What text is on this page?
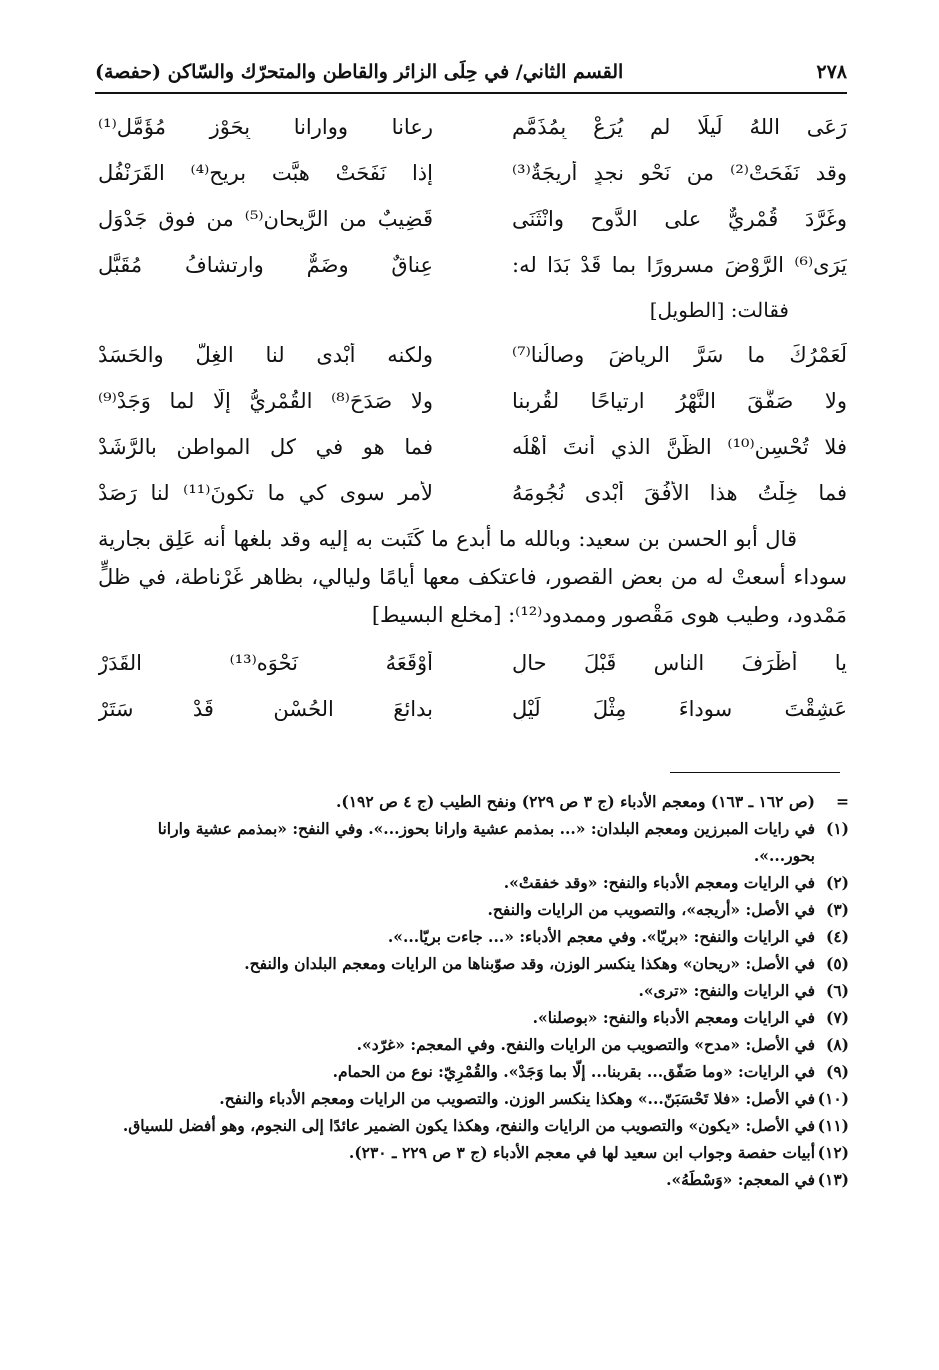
٢٧٨
القسم الثاني/ في حِلَى الزائر والقاطن والمتحرّك والسّاكن (حفصة)
رَعَى اللهُ لَيلًا لم يُرَعْ بِمُذَمَّمِ
رعانا ووارانا بِحَوْزِ مُؤَمَّلِ⁽¹⁾
وقد نَفَحَتْ⁽²⁾ من نَحْوِ نجدٍ أَرِيجَةٌ⁽³⁾
إذا نَفَحَتْ هبَّت بريحِ⁽⁴⁾ القَرَنْفُلِ
وغَرَّدَ قُمْرِيٌّ على الدَّوحِ وانْثَنَى
قَضِيبٌ من الرَّيحانِ⁽⁵⁾ من فوقِ جَدْوَلِ
يَرَى⁽⁶⁾ الرَّوْضَ مسرورًا بما قَدْ بَدَا له:
عِناقٌ وضَمٌّ وارتشافُ مُقَبَّلِ
فقالت: [الطويل]
لَعَمْرُكَ ما سَرَّ الرياضَ وِصالُنا⁽⁷⁾
ولكنه أَبْدى لنا الغِلَّ والحَسَدْ
ولا صَفَّقَ النَّهْرُ ارتياحًا لقُربنا
ولا صَدَحَ⁽⁸⁾ القُمْرِيُّ إلَّا لما وَجَدْ⁽⁹⁾
فلا تُحْسِنِ⁽¹⁰⁾ الظَّنَّ الذي أنتَ أَهْلُه
فما هو في كل المواطن بالرَّشَدْ
فما خِلْتُ هذا الأُفُقَ أَبْدى نُجُومَهُ
لأمرٍ سوى كي ما تكونَ⁽¹¹⁾ لنا رَصَدْ

قال أبو الحسن بن سعيد: وبالله ما أبدع ما كَتَبت به إليه وقد بلغها أنه عَلِق بجارية سوداء أسعتْ له من بعض القصور، فاعتكف معها أيامًا وليالي، بظاهر غَرْناطة، في ظلٍّ مَمْدود، وطيب هوى مَقْصور وممدود⁽¹²⁾: [مخلع البسيط]

يا أَظْرَفَ الناسِ قَبْلَ حالٍ
أَوْقَعَهُ نَحْوَه⁽¹³⁾ القَدَرْ
عَشِقْتَ سوداءَ مِثْلَ لَيْلٍ
بدائعَ الحُسْنِ قَدْ سَتَرْ
=
(ص ١٦٢ ـ ١٦٣) ومعجم الأدباء (ج ٣ ص ٢٢٩) ونفح الطيب (ج ٤ ص ١٩٢).
(١)
في رايات المبرزين ومعجم البلدان: «... بمذمم عشية وارانا بحوز...». وفي النفح: «بمذمم عشية وارانا بحور...».
(٢)
في الرايات ومعجم الأدباء والنفح: «وقد خفقتْ».
(٣)
في الأصل: «أريجه»، والتصويب من الرايات والنفح.
(٤)
في الرايات والنفح: «بريّا». وفي معجم الأدباء: «... جاءت بريّا...».
(٥)
في الأصل: «ريحان» وهكذا ينكسر الوزن، وقد صوّبناها من الرايات ومعجم البلدان والنفح.
(٦)
في الرايات والنفح: «ترى».
(٧)
في الرايات ومعجم الأدباء والنفح: «بوصلنا».
(٨)
في الأصل: «مدح» والتصويب من الرايات والنفح. وفي المعجم: «غرّد».
(٩)
في الرايات: «وما صَفّق... بقربنا... إلّا بما وَجَدْ». والقُمْرِيّ: نوع من الحمام.
(١٠)
في الأصل: «فلا تَحْسَبَنّ...» وهكذا ينكسر الوزن. والتصويب من الرايات ومعجم الأدباء والنفح.
(١١)
في الأصل: «يكون» والتصويب من الرايات والنفح، وهكذا يكون الضمير عائدًا إلى النجوم، وهو أفضل للسياق.
(١٢)
أبيات حفصة وجواب ابن سعيد لها في معجم الأدباء (ج ٣ ص ٢٢٩ ـ ٢٣٠).
(١٣)
في المعجم: «وَسْطَهُ».
